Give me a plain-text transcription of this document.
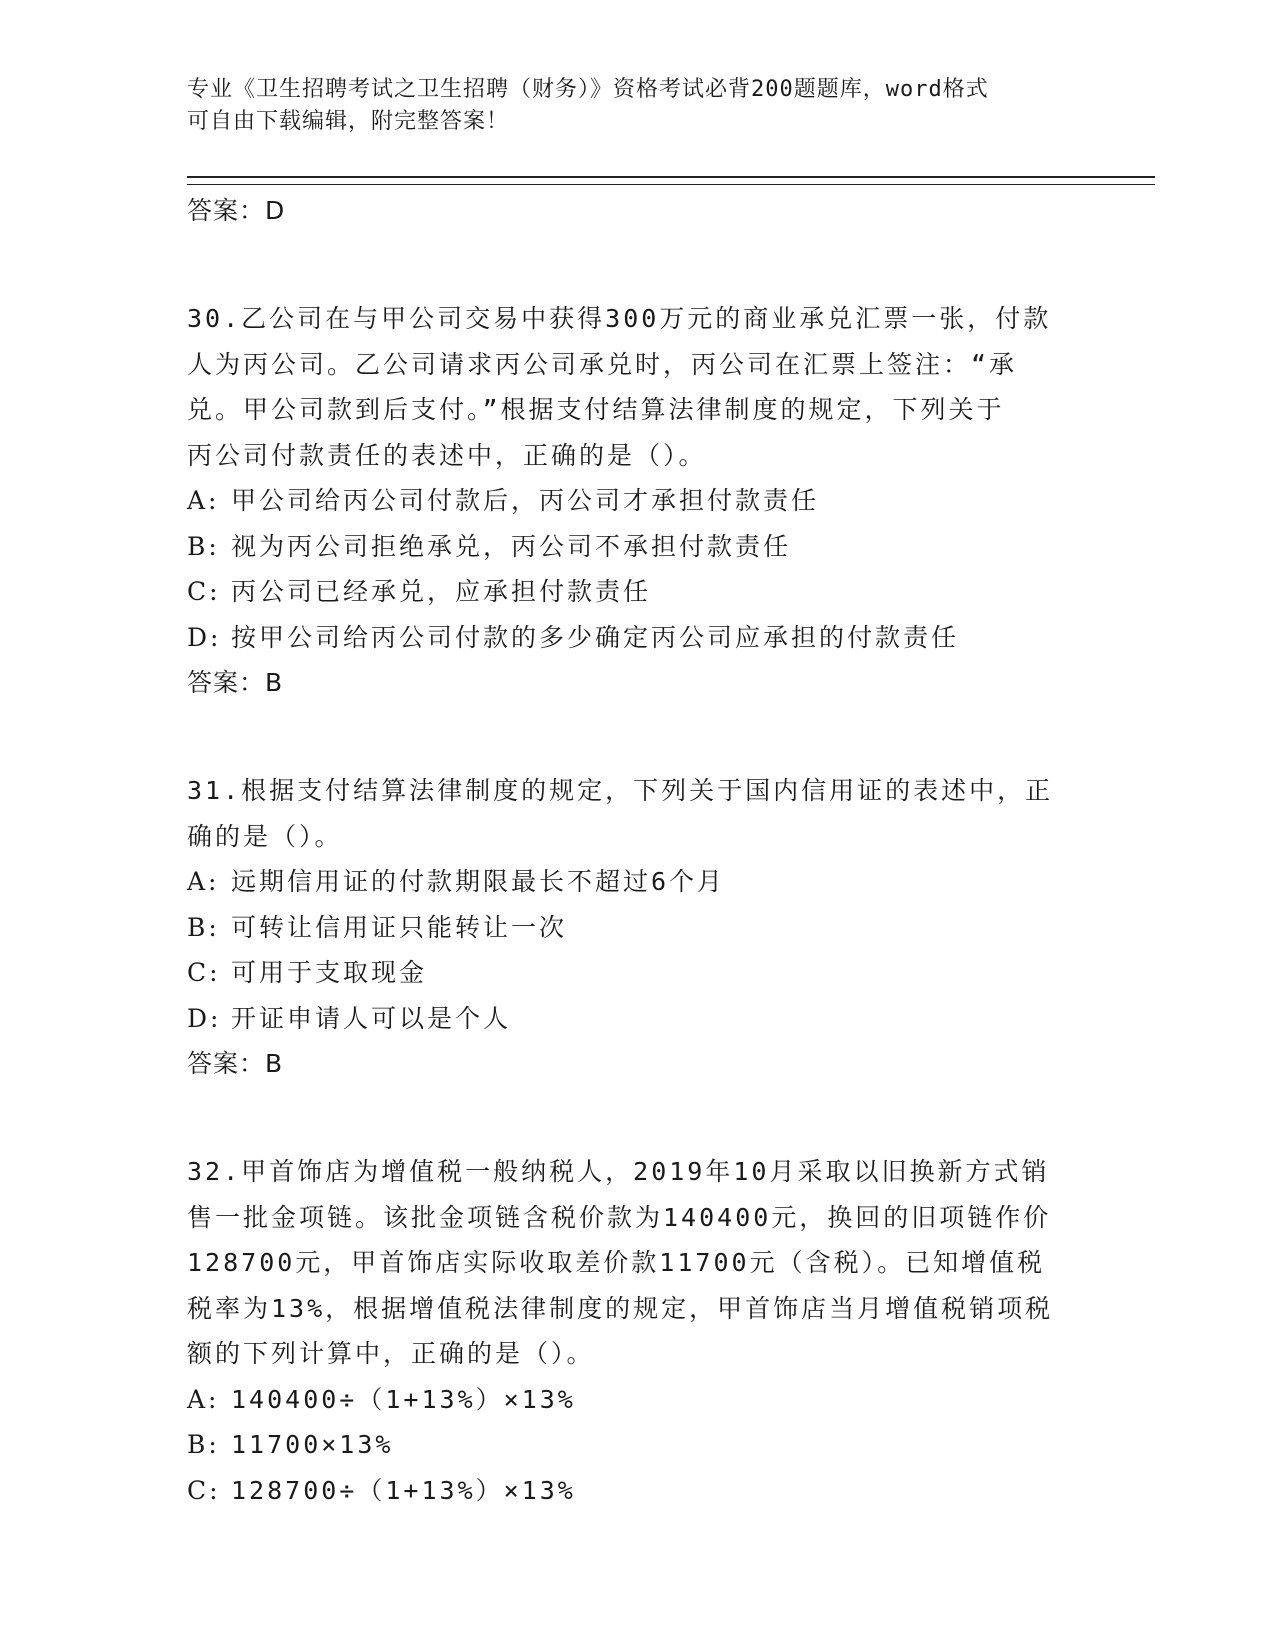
专业《卫生招聘考试之卫生招聘（财务）》资格考试必背200题题库，word格式
可自由下载编辑，附完整答案！
答案：D
30.乙公司在与甲公司交易中获得300万元的商业承兑汇票一张，付款
人为丙公司。乙公司请求丙公司承兑时，丙公司在汇票上签注：“承
兑。甲公司款到后支付。”根据支付结算法律制度的规定，下列关于
丙公司付款责任的表述中，正确的是（）。
A: 甲公司给丙公司付款后，丙公司才承担付款责任
B: 视为丙公司拒绝承兑，丙公司不承担付款责任
C: 丙公司已经承兑，应承担付款责任
D: 按甲公司给丙公司付款的多少确定丙公司应承担的付款责任
答案：B
31.根据支付结算法律制度的规定，下列关于国内信用证的表述中，正
确的是（）。
A: 远期信用证的付款期限最长不超过6个月
B: 可转让信用证只能转让一次
C: 可用于支取现金
D: 开证申请人可以是个人
答案：B
32.甲首饰店为增值税一般纳税人，2019年10月采取以旧换新方式销
售一批金项链。该批金项链含税价款为140400元，换回的旧项链作价
128700元，甲首饰店实际收取差价款11700元（含税）。已知增值税
税率为13%，根据增值税法律制度的规定，甲首饰店当月增值税销项税
额的下列计算中，正确的是（）。
A: 140400÷（1+13%）×13%
B: 11700×13%
C: 128700÷（1+13%）×13%
